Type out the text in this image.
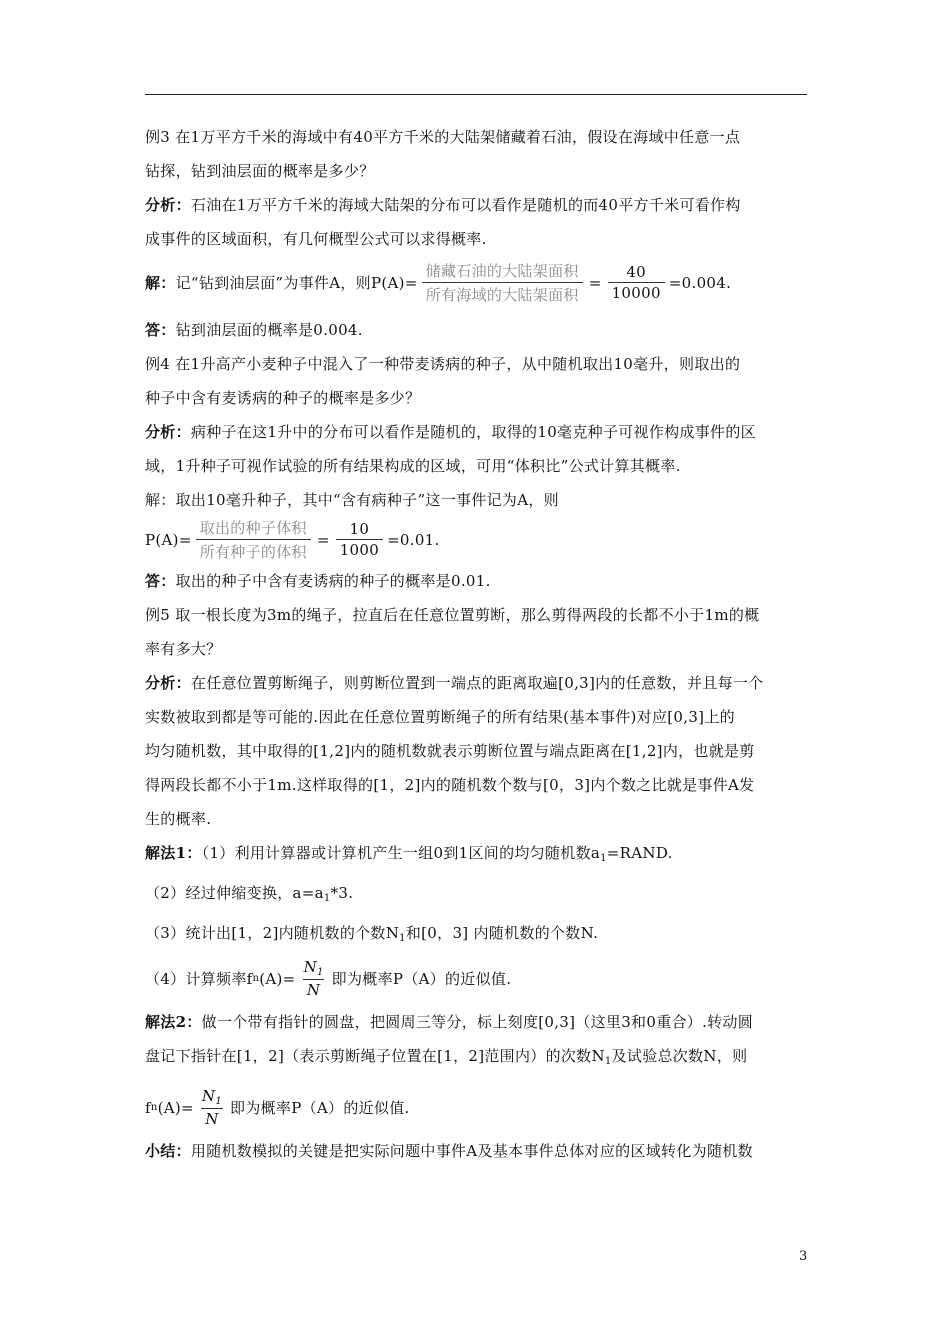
例3 在1万平方千米的海域中有40平方千米的大陆架储藏着石油，假设在海域中任意一点

钻探，钻到油层面的概率是多少？

分析：石油在1万平方千米的海域大陆架的分布可以看作是随机的而40平方千米可看作构

成事件的区域面积，有几何概型公式可以求得概率.

解： 记“钻到油层面”为事件A，则$P(A)= \frac{\text{储藏石油的大陆架面积}}{\text{所有海域的大陆架面积}} = \frac{40}{10000} =0.004$.

答：钻到油层面的概率是0.004.

例4 在1升高产小麦种子中混入了一种带麦诱病的种子，从中随机取出10毫升，则取出的

种子中含有麦诱病的种子的概率是多少？

分析：病种子在这1升中的分布可以看作是随机的，取得的10毫克种子可视作构成事件的区

域，1升种子可视作试验的所有结果构成的区域，可用“体积比”公式计算其概率.

解：取出10毫升种子，其中“含有病种子”这一事件记为A，则

$P(A)= \frac{\text{取出的种子体积}}{\text{所有种子的体积}} = \frac{10}{1000} =0.01$.

答：取出的种子中含有麦诱病的种子的概率是0.01.

例5 取一根长度为3m的绳子，拉直后在任意位置剪断，那么剪得两段的长都不小于1m的概

率有多大？

分析：在任意位置剪断绳子，则剪断位置到一端点的距离取遍[0,3]内的任意数，并且每一个

实数被取到都是等可能的.因此在任意位置剪断绳子的所有结果(基本事件)对应[0,3]上的

均匀随机数，其中取得的[1,2]内的随机数就表示剪断位置与端点距离在[1,2]内，也就是剪

得两段长都不小于1m.这样取得的[1，2]内的随机数个数与[0，3]内个数之比就是事件A发

生的概率.

解法1：（1）利用计算器或计算机产生一组0到1区间的均匀随机数$a_1=RAND$.

（2）经过伸缩变换，$a=a_1*3$.

（3）统计出[1，2]内随机数的个数$N_1$和[0，3] 内随机数的个数N.

（4）计算频率f n $(A)= \frac{N_1}{N}$ 即为概率P（A）的近似值.

解法2：做一个带有指针的圆盘，把圆周三等分，标上刻度[0,3]（这里3和0重合）.转动圆

盘记下指针在[1，2]（表示剪断绳子位置在[1，2]范围内）的次数$N_1$及试验总次数N，则

f n $(A)= \frac{N_1}{N}$ 即为概率P（A）的近似值.

小结：用随机数模拟的关键是把实际问题中事件A及基本事件总体对应的区域转化为随机数

3
